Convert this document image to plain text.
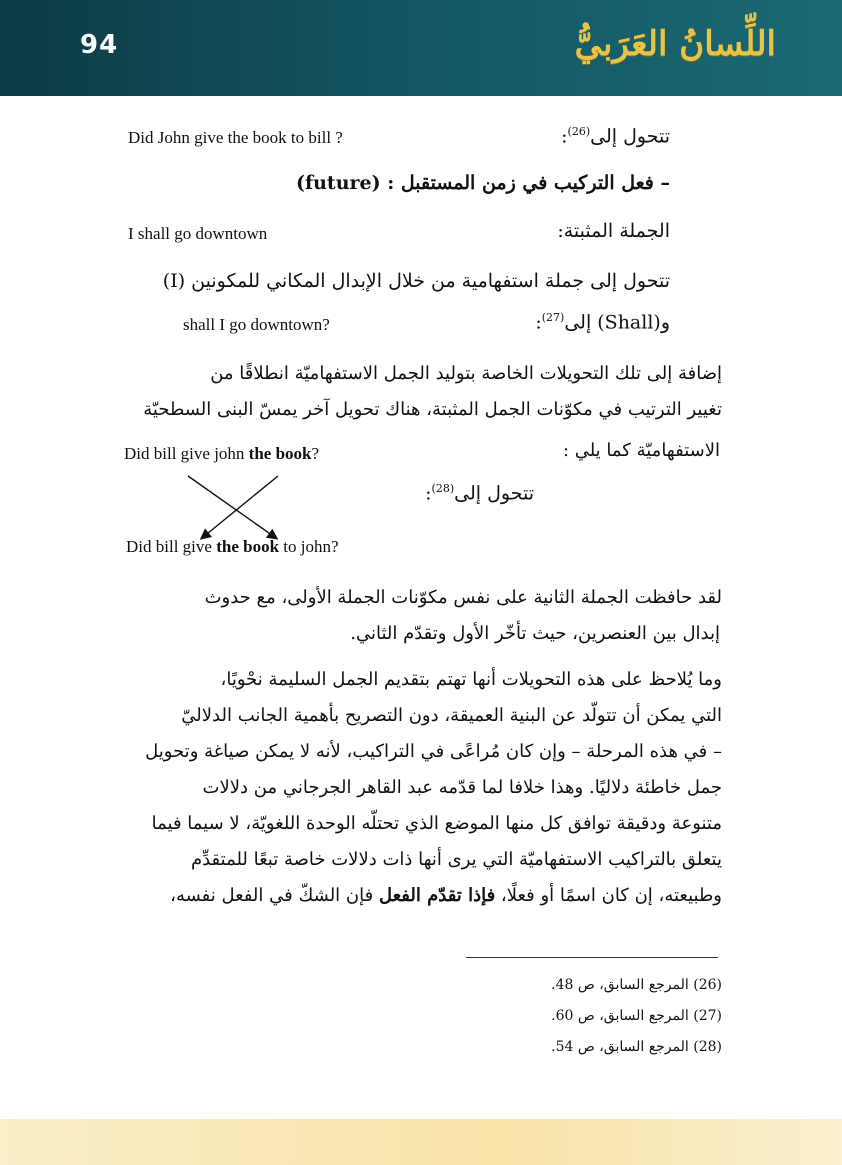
94	اللِّسانُ العَرَبيُّ
تتحول إلى$^{(26)}$:
Did John give the book to bill ?
– فعل التركيب في زمن المستقبل : (future)
الجملة المثبتة:
I shall go downtown
تتحول إلى جملة استفهامية من خلال الإبدال المكاني للمكونين (I)
و(Shall) إلى$^{(27)}$:
shall I go downtown?
إضافة إلى تلك التحويلات الخاصة بتوليد الجمل الاستفهاميّة انطلاقًا من
تغيير الترتيب في مكوّنات الجمل المثبتة، هناك تحويل آخر يمسّ البنى السطحيّة
الاستفهاميّة كما يلي :
Did bill give john the book?
تتحول إلى$^{(28)}$:
Did bill give the book to john?
لقد حافظت الجملة الثانية على نفس مكوّنات الجملة الأولى، مع حدوث
إبدال بين العنصرين، حيث تأخّر الأول وتقدّم الثاني.
وما يُلاحظ على هذه التحويلات أنها تهتم بتقديم الجمل السليمة نحْويًا،
التي يمكن أن تتولّد عن البنية العميقة، دون التصريح بأهمية الجانب الدلاليّ
– في هذه المرحلة – وإن كان مُراعًى في التراكيب، لأنه لا يمكن صياغة وتحويل
جمل خاطئة دلاليًا. وهذا خلافا لما قدّمه عبد القاهر الجرجاني من دلالات
متنوعة ودقيقة توافق كل منها الموضع الذي تحتلّه الوحدة اللغويّة، لا سيما فيما
يتعلق بالتراكيب الاستفهاميّة التي يرى أنها ذات دلالات خاصة تبعًا للمتقدِّم
وطبيعته، إن كان اسمًا أو فعلًا، فإذا تقدّم الفعل فإن الشكّ في الفعل نفسه،
(26) المرجع السابق، ص 48.
(27) المرجع السابق، ص 60.
(28) المرجع السابق، ص 54.
